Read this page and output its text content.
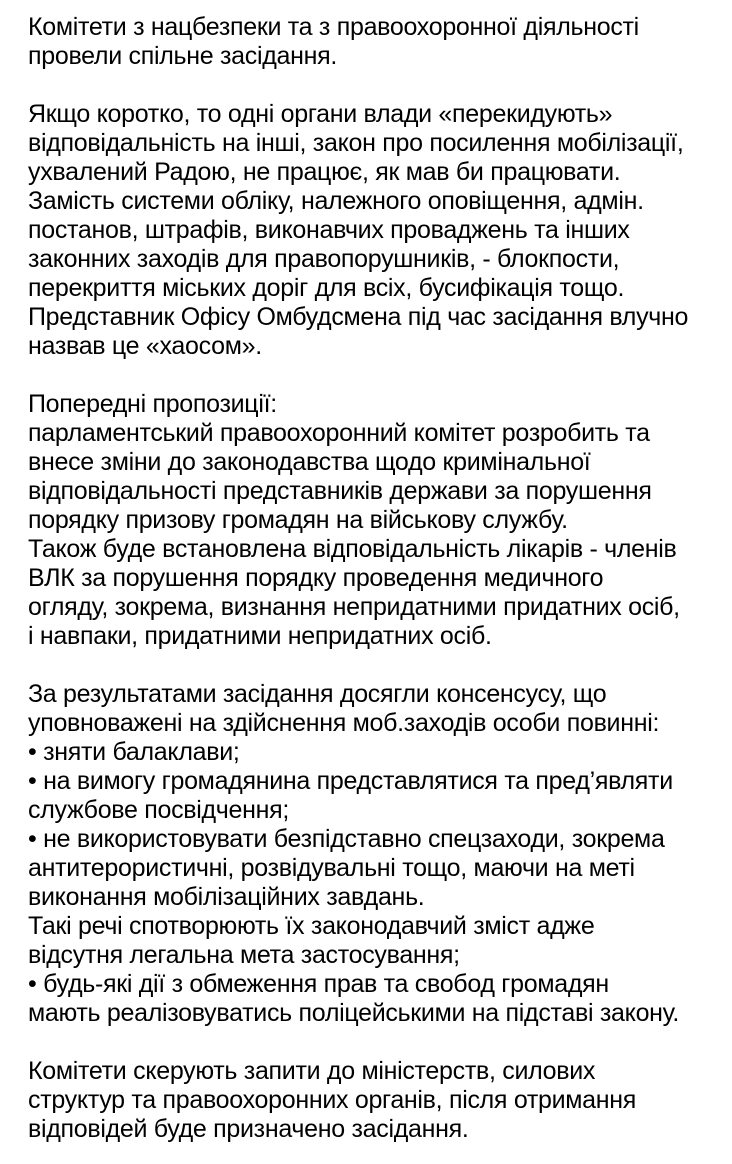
Комітети з нацбезпеки та з правоохоронної діяльності
провели спільне засідання.
Якщо коротко, то одні органи влади «перекидують»
відповідальність на інші, закон про посилення мобілізації,
ухвалений Радою, не працює, як мав би працювати.
Замість системи обліку, належного оповіщення, адмін.
постанов, штрафів, виконавчих проваджень та інших
законних заходів для правопорушників, - блокпости,
перекриття міських доріг для всіх, бусифікація тощо.
Представник Офісу Омбудсмена під час засідання влучно
назвав це «хаосом».
Попередні пропозиції:
парламентський правоохоронний комітет розробить та
внесе зміни до законодавства щодо кримінальної
відповідальності представників держави за порушення
порядку призову громадян на військову службу.
Також буде встановлена відповідальність лікарів - членів
ВЛК за порушення порядку проведення медичного
огляду, зокрема, визнання непридатними придатних осіб,
і навпаки, придатними непридатних осіб.
За результатами засідання досягли консенсусу, що
уповноважені на здійснення моб.заходів особи повинні:
• зняти балаклави;
• на вимогу громадянина представлятися та пред’являти
службове посвідчення;
• не використовувати безпідставно спецзаходи, зокрема
антитерористичні, розвідувальні тощо, маючи на меті
виконання мобілізаційних завдань.
Такі речі спотворюють їх законодавчий зміст адже
відсутня легальна мета застосування;
• будь-які дії з обмеження прав та свобод громадян
мають реалізовуватись поліцейськими на підставі закону.
Комітети скерують запити до міністерств, силових
структур та правоохоронних органів, після отримання
відповідей буде призначено засідання.
